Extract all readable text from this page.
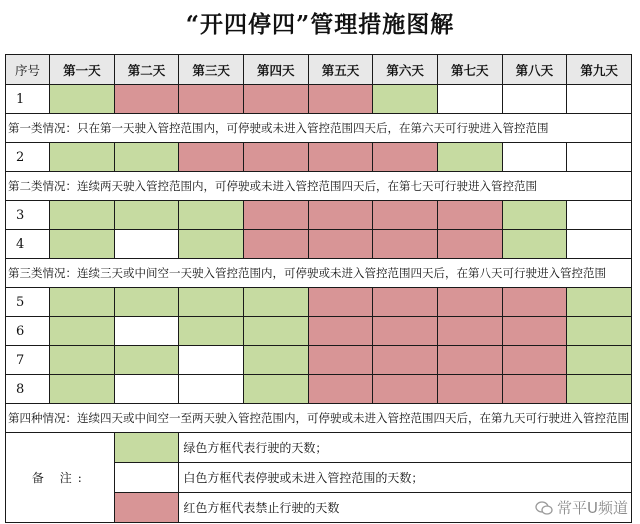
“开四停四”管理措施图解
序号	第一天	第二天	第三天	第四天	第五天	第六天	第七天	第八天	第九天
1									
第一类情况：只在第一天驶入管控范围内，可停驶或未进入管控范围四天后，在第六天可行驶进入管控范围									
2									
第二类情况：连续两天驶入管控范围内，可停驶或未进入管控范围四天后，在第七天可行驶进入管控范围									
3									
4									
第三类情况：连续三天或中间空一天驶入管控范围内，可停驶或未进入管控范围四天后，在第八天可行驶进入管控范围									
5									
6									
7									
8									
第四种情况：连续四天或中间空一至两天驶入管控范围内，可停驶或未进入管控范围四天后，在第九天可行驶进入管控范围									
备 注:			绿色方框代表行驶的天数；						
			白色方框代表停驶或未进入管控范围的天数；						
			红色方框代表禁止行驶的天数							常平U频道
